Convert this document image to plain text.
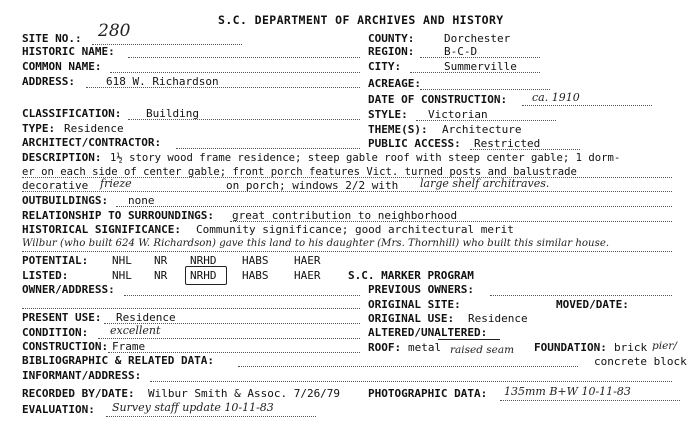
S.C. DEPARTMENT OF ARCHIVES AND HISTORY
SITE NO.: 280	COUNTY:	Dorchester
HISTORIC NAME:	REGION:	B-C-D
COMMON NAME:	CITY:	Summerville
ADDRESS:	618 W. Richardson	ACREAGE:
DATE OF CONSTRUCTION: ca. 1910
CLASSIFICATION: Building	STYLE: Victorian
TYPE: Residence	THEME(S): Architecture
ARCHITECT/CONTRACTOR:	PUBLIC ACCESS: Restricted
DESCRIPTION: 1½ story wood frame residence; steep gable roof with steep center gable; 1 dorm-
er on each side of center gable; front porch features Vict. turned posts and balustrade
decorative frieze	on porch; windows 2/2 with large shelf architraves.
OUTBUILDINGS: none
RELATIONSHIP TO SURROUNDINGS: great contribution to neighborhood
HISTORICAL SIGNIFICANCE: Community significance; good architectural merit
Wilbur (who built 624 W. Richardson) gave this land to his daughter (Mrs. Thornhill) who built this similar house.
POTENTIAL: NHL NR NRHD HABS HAER
LISTED:	NHL NR NRHD HABS HAER	S.C. MARKER PROGRAM
OWNER/ADDRESS:	PREVIOUS OWNERS:
ORIGINAL SITE:	MOVED/DATE:
PRESENT USE: Residence	ORIGINAL USE: Residence
CONDITION: excellent	ALTERED/UNALTERED:
CONSTRUCTION: Frame	ROOF: metal raised seam FOUNDATION: brick pier/
concrete block
BIBLIOGRAPHIC & RELATED DATA:
INFORMANT/ADDRESS:
RECORDED BY/DATE: Wilbur Smith & Assoc. 7/26/79	PHOTOGRAPHIC DATA: 135mm B+W 10-11-83
EVALUATION: Survey staff update 10-11-83
